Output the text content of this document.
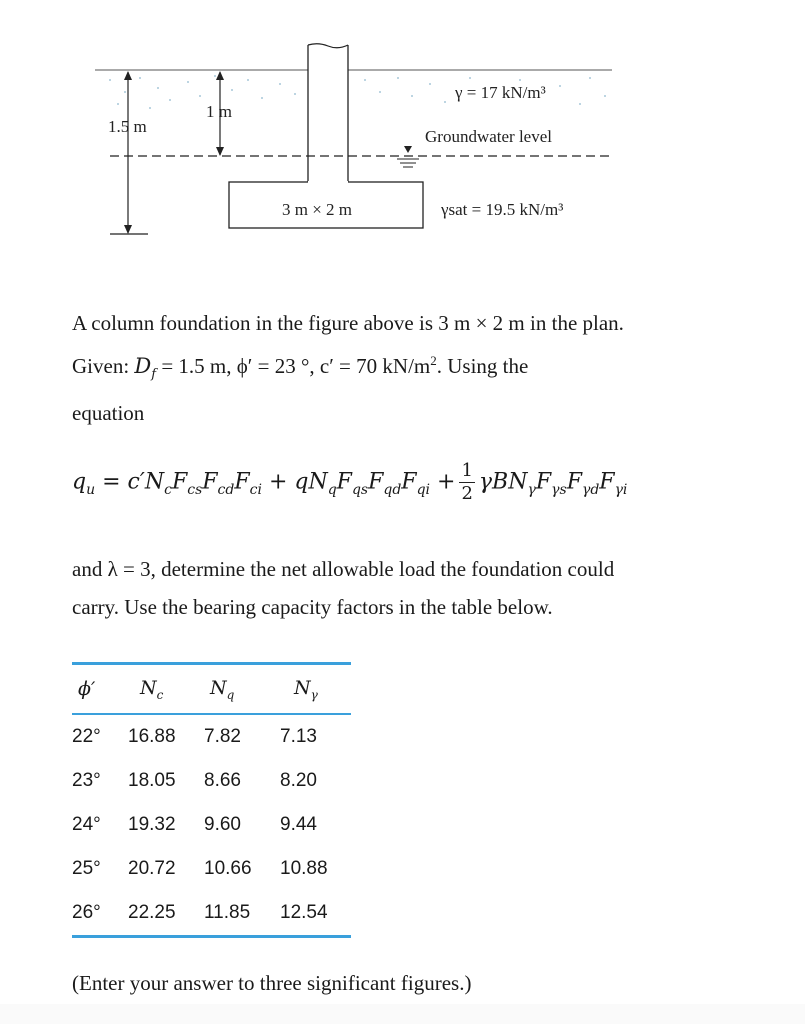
1.5 m
1 m
γ = 17 kN/m³
Groundwater level
3 m × 2 m	γsat = 19.5 kN/m³
A column foundation in the figure above is 3 m × 2 m in the plan.
Given: $D_f = 1.5$ m, ϕ′ = 23 °, c′ = 70 $kN/m^2$. Using the
equation
$q_u = c'N_cF_{cs}F_{cd}F_{ci} + qN_qF_{qs}F_{qd}F_{qi} + \frac{1}{2} \gamma BN_\gamma F_{\gamma s}F_{\gamma d}F_{\gamma i}$
and λ = 3, determine the net allowable load the foundation could
carry. Use the bearing capacity factors in the table below.
ϕ′	$N_c$	$N_q$	$N_\gamma$
22°	16.88	7.82	7.13
23°	18.05	8.66	8.20
24°	19.32	9.60	9.44
25°	20.72	10.66	10.88
26°	22.25	11.85	12.54
(Enter your answer to three significant figures.)
